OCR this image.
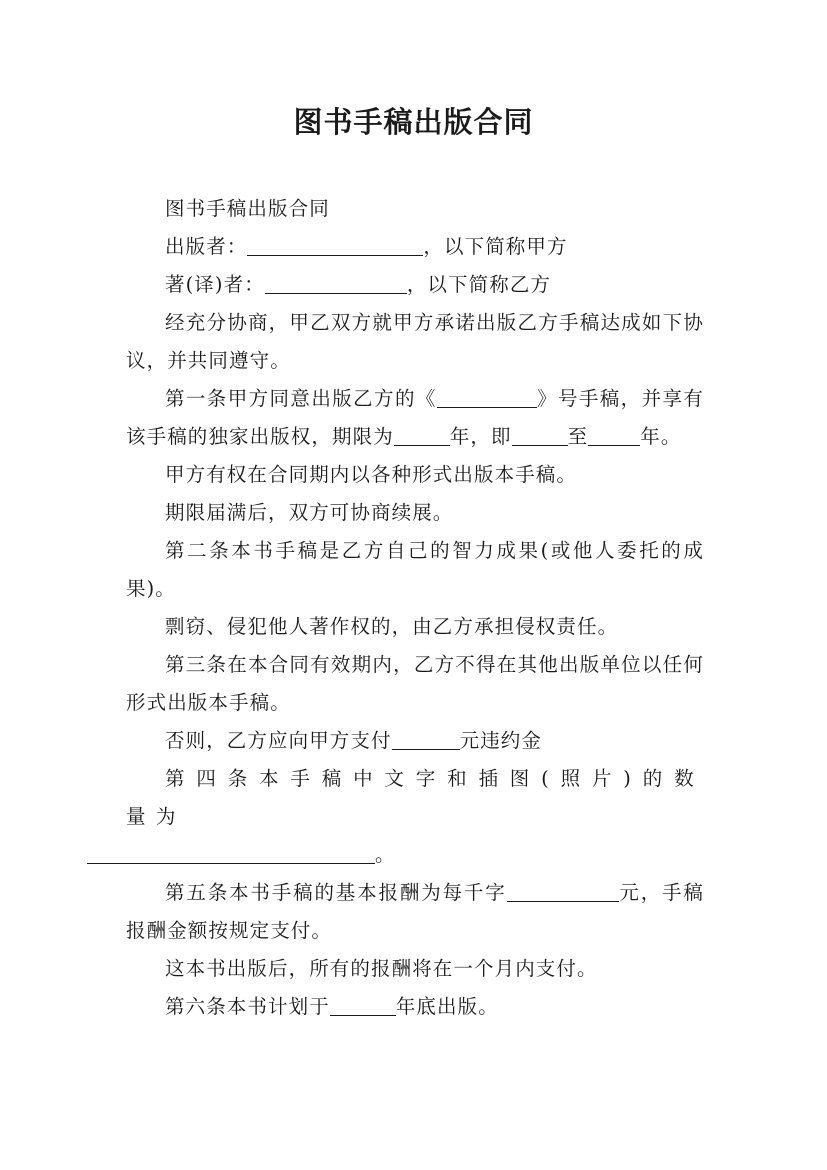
图书手稿出版合同

图书手稿出版合同

出版者：	，以下简称甲方

著(译)者：	，以下简称乙方

经充分协商，甲乙双方就甲方承诺出版乙方手稿达成如下协议，并共同遵守。

第一条甲方同意出版乙方的《	》号手稿，并享有该手稿的独家出版权，期限为	年，即	至	年。

甲方有权在合同期内以各种形式出版本手稿。

期限届满后，双方可协商续展。

第二条本书手稿是乙方自己的智力成果(或他人委托的成果)。

剽窃、侵犯他人著作权的，由乙方承担侵权责任。

第三条在本合同有效期内，乙方不得在其他出版单位以任何形式出版本手稿。

否则，乙方应向甲方支付	元违约金

第四条本手稿中文字和插图(照片)的数量为
。

第五条本书手稿的基本报酬为每千字	元，手稿报酬金额按规定支付。

这本书出版后，所有的报酬将在一个月内支付。

第六条本书计划于	年底出版。
